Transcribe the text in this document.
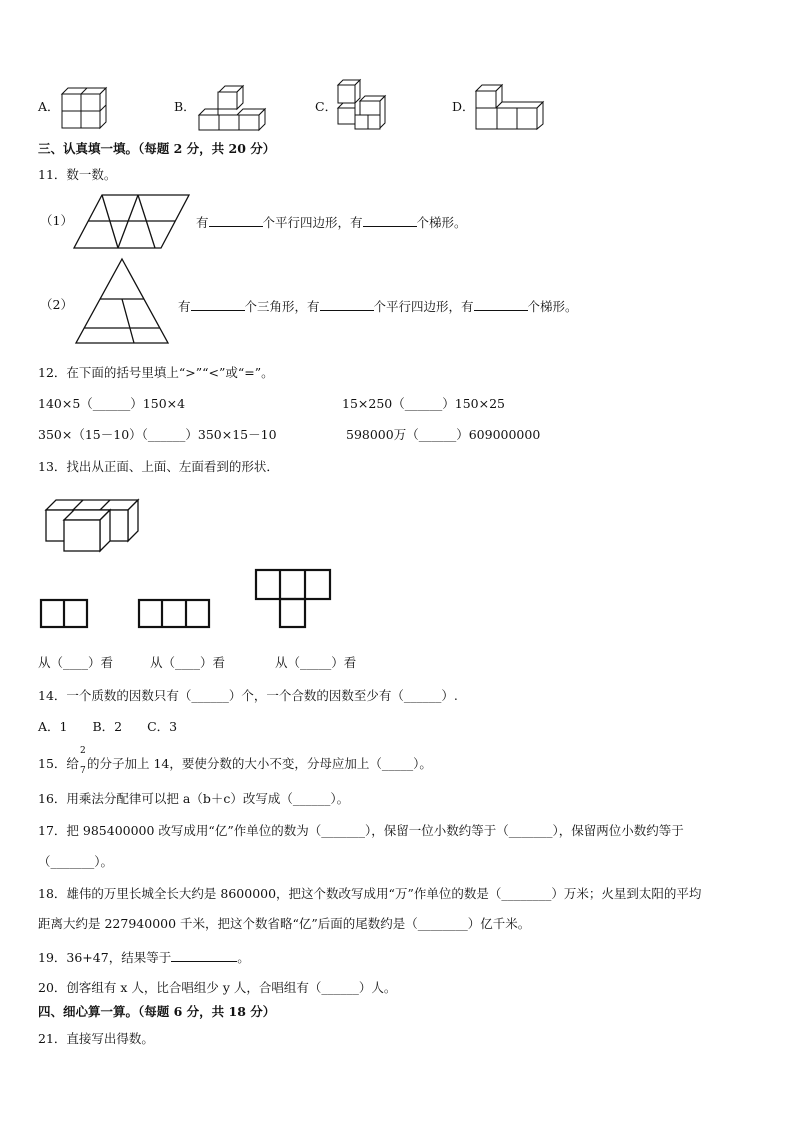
A．	B．	C．	D．
三、认真填一填。（每题 2 分，共 20 分）
11．数一数。
（1）	有	个平行四边形，有	个梯形。
（2）	有	个三角形，有	个平行四边形，有	个梯形。
12．在下面的括号里填上“>”“<”或“=”。
140×5（______）150×4	15×250（______）150×25
350×（15－10）（______）350×15－10	598000万（______）609000000
13．找出从正面、上面、左面看到的形状．
从（____）看	从（____）看	从（_____）看
14．一个质数的因数只有（______）个，一个合数的因数至少有（______）.
A．1　　B．2　　C．3
15．给
2
7 的分子加上 14，要使分数的大小不变，分母应加上（_____）。
16．用乘法分配律可以把 a（b＋c）改写成（______）。
17．把 985400000 改写成用“亿”作单位的数为（_______），保留一位小数约等于（_______），保留两位小数约等于
（_______）。
18．雄伟的万里长城全长大约是 8600000，把这个数改写成用“万”作单位的数是（________）万米；火星到太阳的平均
距离大约是 227940000 千米，把这个数省略“亿”后面的尾数约是（________）亿千米。
19．36+47，结果等于	。
20．创客组有 x 人，比合唱组少 y 人，合唱组有（______）人。
四、细心算一算。（每题 6 分，共 18 分）
21．直接写出得数。
